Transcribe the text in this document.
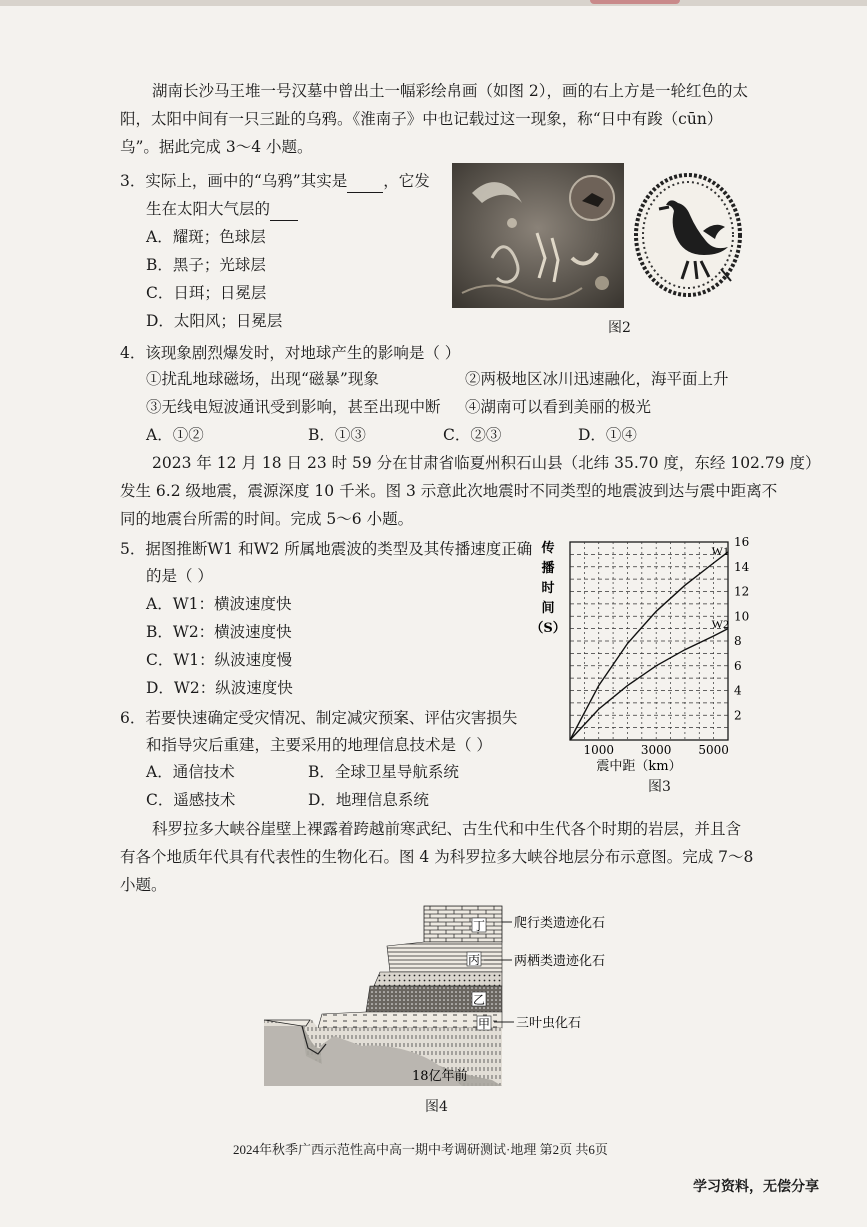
湖南长沙马王堆一号汉墓中曾出土一幅彩绘帛画（如图 2），画的右上方是一轮红色的太
阳，太阳中间有一只三趾的乌鸦。《淮南子》中也记载过这一现象，称“日中有踆（cūn）
乌”。据此完成 3～4 小题。
3．实际上，画中的“乌鸦”其实是 ，它发
生在太阳大气层的
A．耀斑；色球层
B．黑子；光球层
C．日珥；日冕层
D．太阳风；日冕层	图2
4．该现象剧烈爆发时，对地球产生的影响是（ ）
①扰乱地球磁场，出现“磁暴”现象	②两极地区冰川迅速融化，海平面上升
③无线电短波通讯受到影响，甚至出现中断 ④湖南可以看到美丽的极光
A．①②	B．①③	C．②③	D．①④
2023 年 12 月 18 日 23 时 59 分在甘肃省临夏州积石山县（北纬 35.70 度，东经 102.79 度）
发生 6.2 级地震，震源深度 10 千米。图 3 示意此次地震时不同类型的地震波到达与震中距离不
同的地震台所需的时间。完成 5～6 小题。
5．据图推断W1 和W2 所属地震波的类型及其传播速度正确
的是（ ）
A．W1：横波速度快
B．W2：横波速度快
C．W1：纵波速度慢
D．W2：纵波速度快
6．若要快速确定受灾情况、制定减灾预案、评估灾害损失
和指导灾后重建，主要采用的地理信息技术是（ ）
A．通信技术	B．全球卫星导航系统
C．遥感技术	D．地理信息系统
传
播
时
间
（S）
2
4
6
8
10
12
14
16
1000 3000 5000
W1
W2
震中距（km）
图3
科罗拉多大峡谷崖壁上裸露着跨越前寒武纪、古生代和中生代各个时期的岩层，并且含
有各个地质年代具有代表性的生物化石。图 4 为科罗拉多大峡谷地层分布示意图。完成 7～8
小题。
丁
丙
乙
甲
爬行类遗迹化石
两栖类遗迹化石
三叶虫化石
18亿年前
图4
2024年秋季广西示范性高中高一期中考调研测试·地理 第2页 共6页
学习资料，无偿分享
